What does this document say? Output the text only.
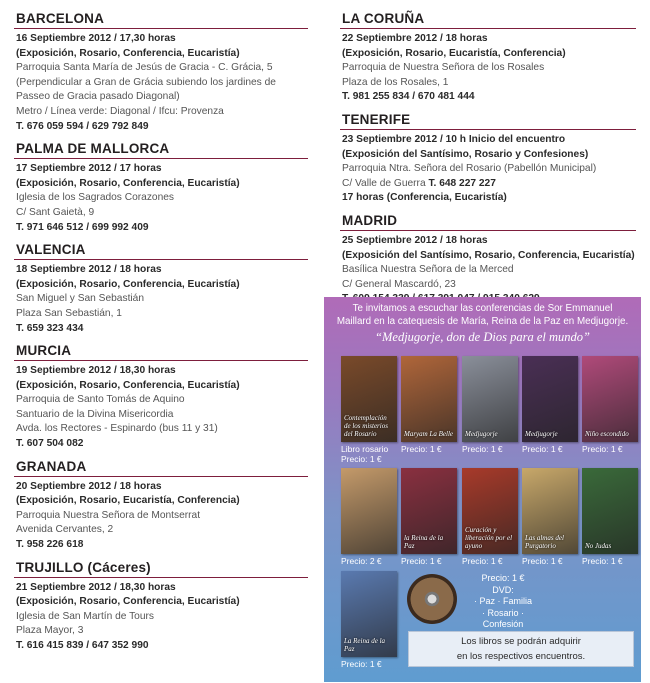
BARCELONA
16 Septiembre 2012 / 17,30 horas
(Exposición, Rosario, Conferencia, Eucaristía)
Parroquia Santa María de Jesús de Gracia - C. Grácia, 5
(Perpendicular a Gran de Grácia subiendo los jardines de
Passeo de Gracia pasado Diagonal)
Metro / Línea verde: Diagonal / Ifcu: Provenza
T. 676 059 594 / 629 792 849
PALMA DE MALLORCA
17 Septiembre 2012 / 17 horas
(Exposición, Rosario, Conferencia, Eucaristía)
Iglesia de los Sagrados Corazones
C/ Sant Gaietà, 9
T. 971 646 512 / 699 992 409
VALENCIA
18 Septiembre 2012 / 18 horas
(Exposición, Rosario, Conferencia, Eucaristía)
San Miguel y San Sebastián
Plaza San Sebastián, 1
T. 659 323 434
MURCIA
19 Septiembre 2012 / 18,30 horas
(Exposición, Rosario, Conferencia, Eucaristía)
Parroquia de Santo Tomás de Aquino
Santuario de la Divina Misericordia
Avda. los Rectores - Espinardo (bus 11 y 31)
T. 607 504 082
GRANADA
20 Septiembre 2012 / 18 horas
(Exposición, Rosario, Eucaristía, Conferencia)
Parroquia Nuestra Señora de Montserrat
Avenida Cervantes, 2
T. 958 226 618
TRUJILLO (Cáceres)
21 Septiembre 2012 / 18,30 horas
(Exposición, Rosario, Conferencia, Eucaristía)
Iglesia de San Martín de Tours
Plaza Mayor, 3
T. 616 415 839 / 647 352 990
LA CORUÑA
22 Septiembre 2012 / 18 horas
(Exposición, Rosario, Eucaristía, Conferencia)
Parroquia de Nuestra Señora de los Rosales
Plaza de los Rosales, 1
T. 981 255 834 / 670 481 444
TENERIFE
23 Septiembre 2012 / 10 h Inicio del encuentro
(Exposición del Santísimo, Rosario y Confesiones)
Parroquia Ntra. Señora del Rosario (Pabellón Municipal)
C/ Valle de Guerra T. 648 227 227
17 horas (Conferencia, Eucaristía)
MADRID
25 Septiembre 2012 / 18 horas
(Exposición del Santísimo, Rosario, Conferencia, Eucaristía)
Basílica Nuestra Señora de la Merced
C/ General Mascardó, 23
Te invitamos a escuchar las conferencias de Sor Emmanuel
Maillard en la catequesis de María, Reina de la Paz en Medjugorje.
“Medjugorje, don de Dios para el mundo”
Contemplación de los misterios del Rosario
Libro rosario
Precio: 1 €
Maryam La Belle
Precio: 1 €
Medjugorje
Precio: 1 €
Medjugorje
Precio: 1 €
Niño escondido
Precio: 1 €
Precio: 2 €
la Reina de la Paz
Precio: 1 €
Curación y liberación por el ayuno
Precio: 1 €
Las almas del Purgatorio
Precio: 1 €
No Judas
Precio: 1 €
La Reina de la Paz
Precio: 1 €
Precio: 1 €
DVD:
· Paz · Familia
· Rosario · Confesión
Los libros se podrán adquirir
en los respectivos encuentros.
